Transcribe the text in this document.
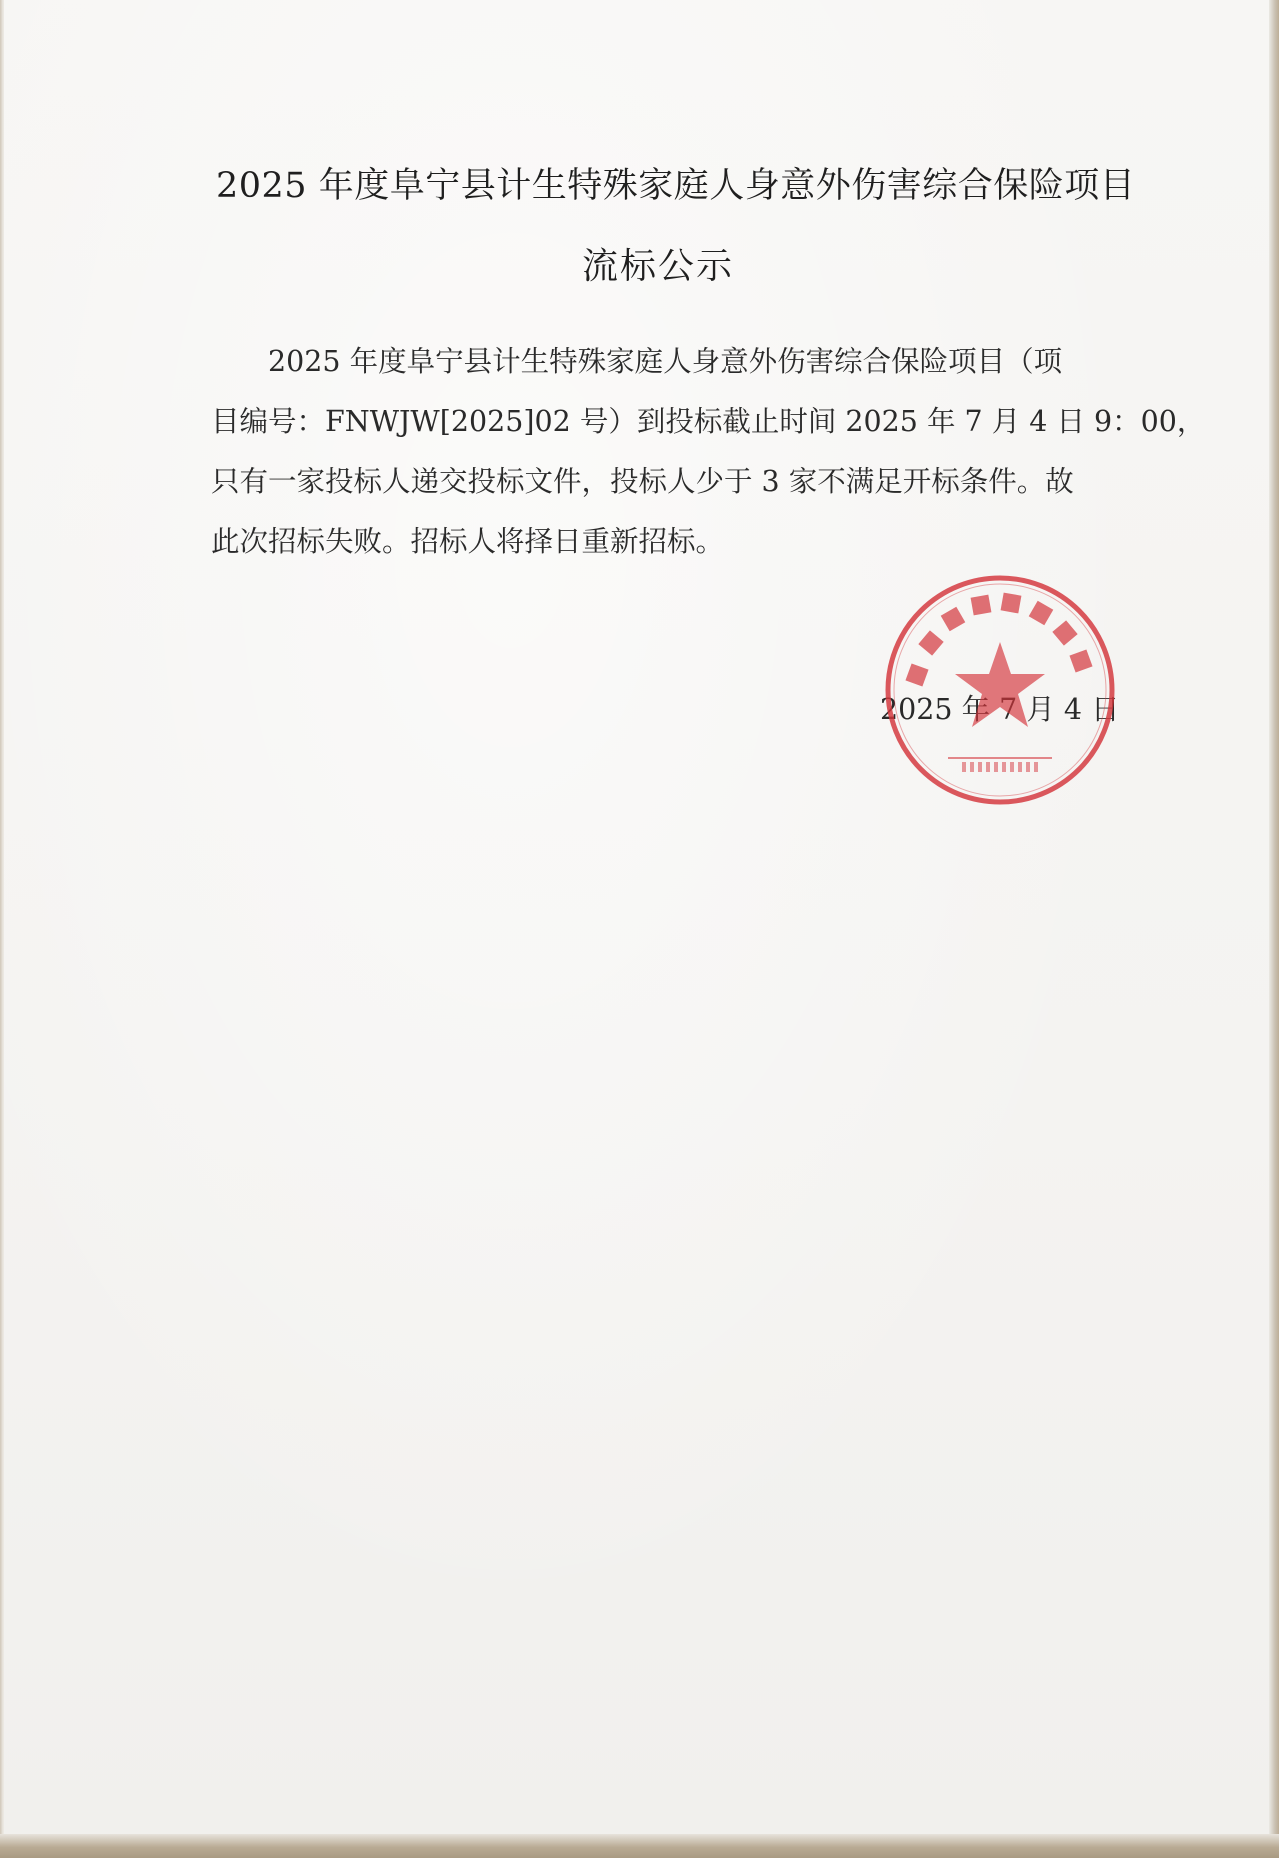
2025 年度阜宁县计生特殊家庭人身意外伤害综合保险项目
流标公示

2025 年度阜宁县计生特殊家庭人身意外伤害综合保险项目（项
目编号：FNWJW[2025]02 号）到投标截止时间 2025 年 7 月 4 日 9：00，
只有一家投标人递交投标文件，投标人少于 3 家不满足开标条件。故
此次招标失败。招标人将择日重新招标。

2025 年 7 月 4 日
